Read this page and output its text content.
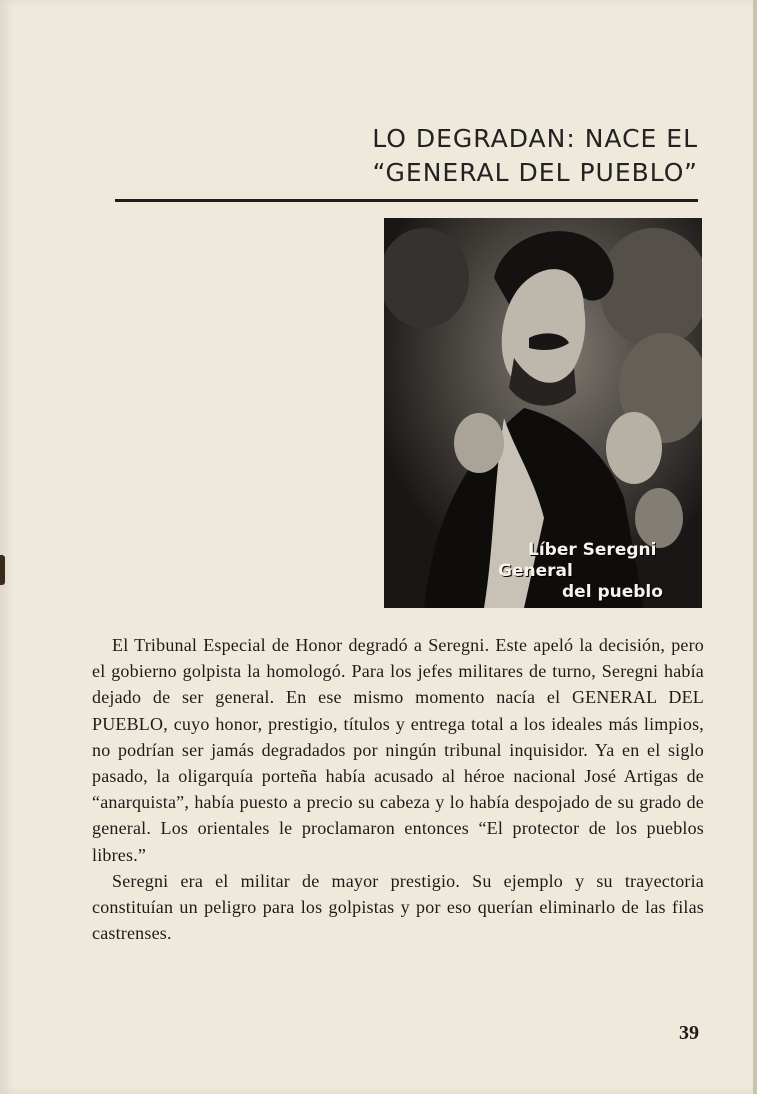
LO DEGRADAN: NACE EL
“GENERAL DEL PUEBLO”
Líber Seregni
General
del pueblo

El Tribunal Especial de Honor degradó a Seregni. Este apeló la decisión, pero el gobierno golpista la homologó. Para los jefes militares de turno, Seregni había dejado de ser general. En ese mismo momento nacía el GENERAL DEL PUEBLO, cuyo honor, prestigio, títulos y entrega total a los ideales más limpios, no podrían ser jamás degradados por ningún tribunal inquisidor. Ya en el siglo pasado, la oligarquía porteña había acusado al héroe nacional José Artigas de “anarquista”, había puesto a precio su cabeza y lo había despojado de su grado de general. Los orientales le proclamaron entonces “El protector de los pueblos libres.”

Seregni era el militar de mayor prestigio. Su ejemplo y su trayectoria constituían un peligro para los golpistas y por eso querían eliminarlo de las filas castrenses.

39
